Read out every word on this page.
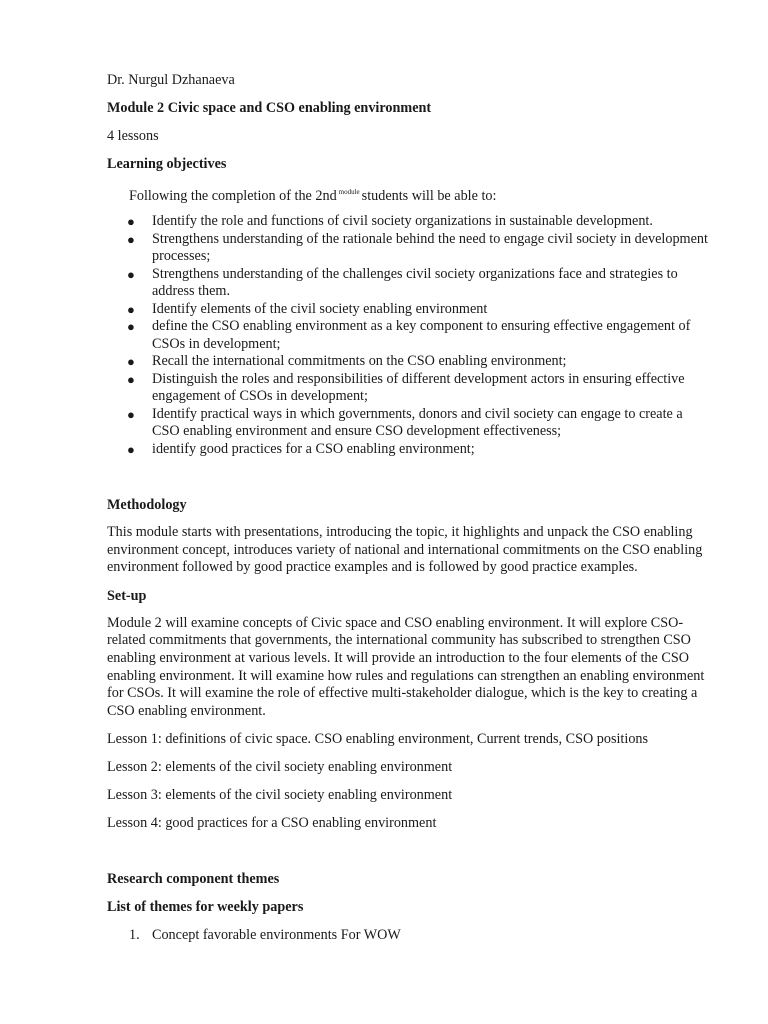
Dr. Nurgul Dzhanaeva

Module 2 Civic space and CSO enabling environment

4 lessons

Learning objectives

Following the completion of the 2nd $^{module}$ students will be able to:

● Identify the role and functions of civil society organizations in sustainable development.
● Strengthens understanding of the rationale behind the need to engage civil society in development processes;
● Strengthens understanding of the challenges civil society organizations face and strategies to address them.
● Identify elements of the civil society enabling environment
● define the CSO enabling environment as a key component to ensuring effective engagement of CSOs in development;
● Recall the international commitments on the CSO enabling environment;
● Distinguish the roles and responsibilities of different development actors in ensuring effective engagement of CSOs in development;
● Identify practical ways in which governments, donors and civil society can engage to create a CSO enabling environment and ensure CSO development effectiveness;
● identify good practices for a CSO enabling environment;

Methodology

This module starts with presentations, introducing the topic, it highlights and unpack the CSO enabling environment concept, introduces variety of national and international commitments on the CSO enabling environment followed by good practice examples and is followed by good practice examples.

Set-up

Module 2 will examine concepts of Civic space and CSO enabling environment. It will explore CSO-related commitments that governments, the international community has subscribed to strengthen CSO enabling environment at various levels. It will provide an introduction to the four elements of the CSO enabling environment. It will examine how rules and regulations can strengthen an enabling environment for CSOs. It will examine the role of effective multi-stakeholder dialogue, which is the key to creating a CSO enabling environment.

Lesson 1: definitions of civic space. CSO enabling environment, Current trends, CSO positions

Lesson 2: elements of the civil society enabling environment

Lesson 3: elements of the civil society enabling environment

Lesson 4: good practices for a CSO enabling environment

Research component themes

List of themes for weekly papers

1. Concept favorable environments For WOW
